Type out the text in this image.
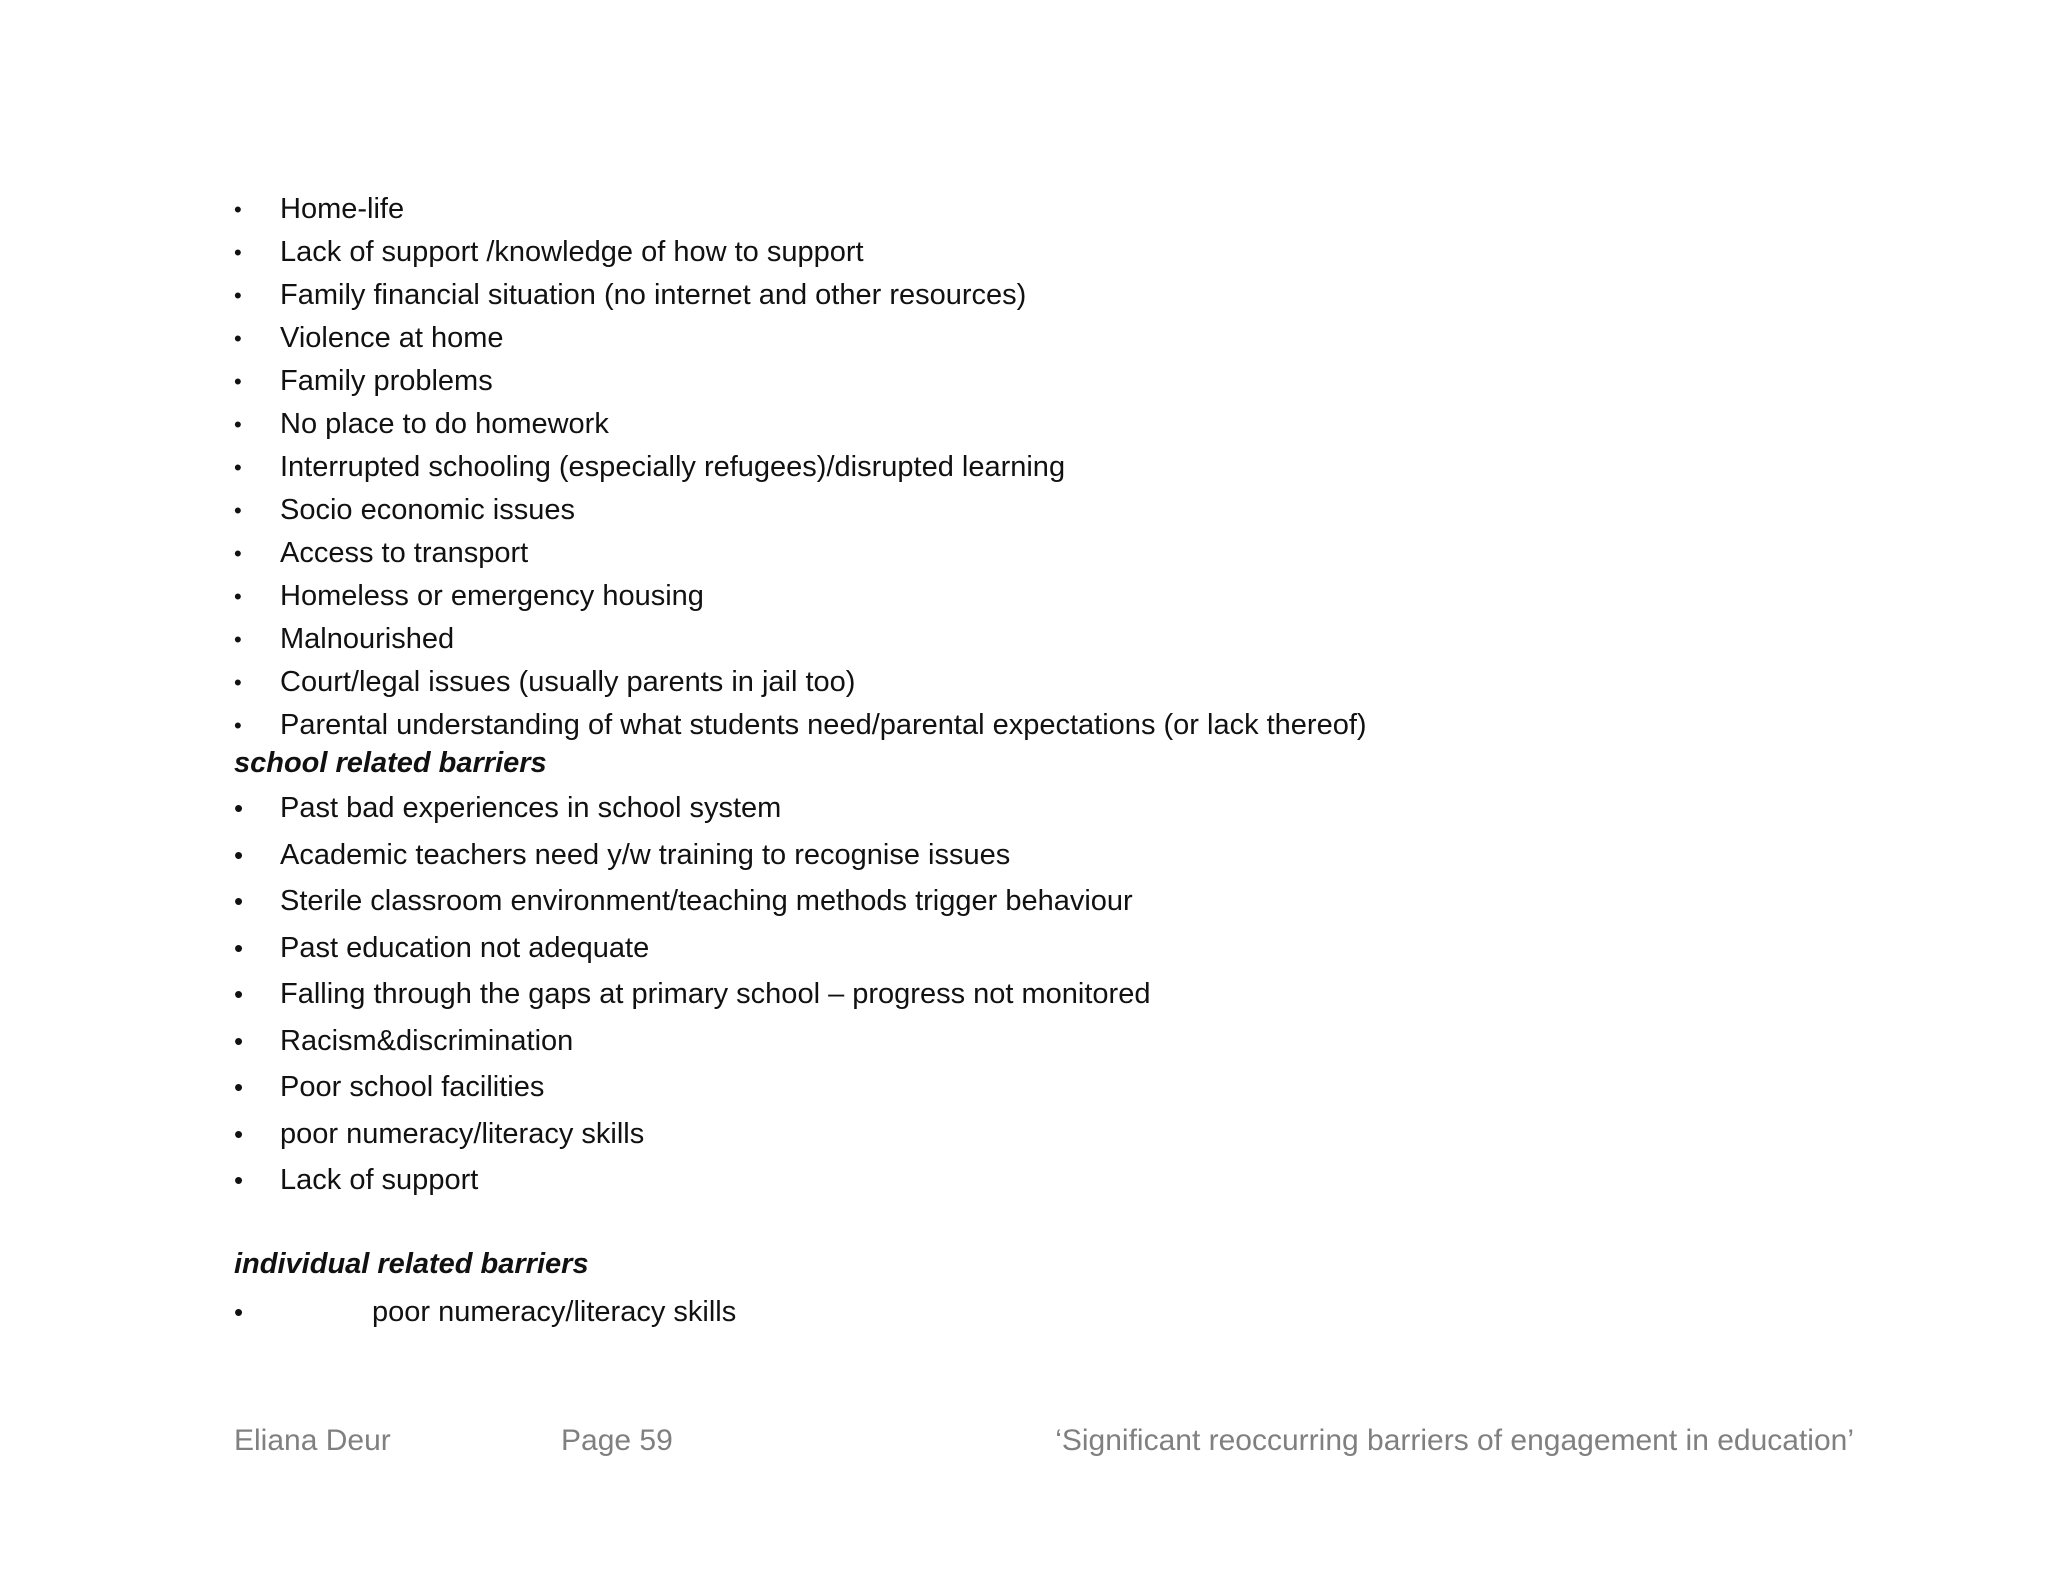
• Home-life
• Lack of support /knowledge of how to support
• Family financial situation (no internet and other resources)
• Violence at home
• Family problems
• No place to do homework
• Interrupted schooling (especially refugees)/disrupted learning
• Socio economic issues
• Access to transport
• Homeless or emergency housing
• Malnourished
• Court/legal issues (usually parents in jail too)
• Parental understanding of what students need/parental expectations (or lack thereof)
school related barriers
• Past bad experiences in school system
• Academic teachers need y/w training to recognise issues
• Sterile classroom environment/teaching methods trigger behaviour
• Past education not adequate
• Falling through the gaps at primary school – progress not monitored
• Racism&discrimination
• Poor school facilities
• poor numeracy/literacy skills
• Lack of support
individual related barriers
•	poor numeracy/literacy skills
Eliana Deur	Page 59	‘Significant reoccurring barriers of engagement in education’
